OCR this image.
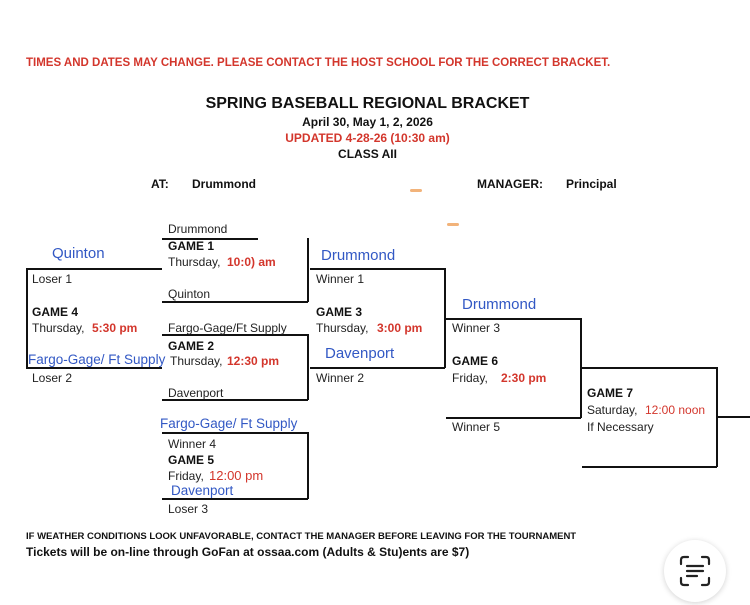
TIMES AND DATES MAY CHANGE. PLEASE CONTACT THE HOST SCHOOL FOR THE CORRECT BRACKET.
SPRING BASEBALL REGIONAL BRACKET
April 30, May 1, 2, 2026
UPDATED 4-28-26 (10:30 am)
CLASS AII
AT: Drummond	MANAGER: Principal
Drummond
GAME 1
Thursday, 10:0) am
Quinton
Fargo-Gage/Ft Supply
GAME 2
Thursday, 12:30 pm
Davenport
Winner 1
GAME 3
Thursday, 3:00 pm
Winner 2
Loser 1
GAME 4
Thursday, 5:30 pm
Loser 2
Winner 4
GAME 5
Friday, 12:00 pm
Loser 3
Winner 3
GAME 6
Friday, 2:30 pm
Winner 5
GAME 7
Saturday, 12:00 noon
If Necessary
Quinton	Drummond
Drummond
Davenport
Fargo-Gage/ Ft Supply
Fargo-Gage/ Ft Supply
Davenport
IF WEATHER CONDITIONS LOOK UNFAVORABLE, CONTACT THE MANAGER BEFORE LEAVING FOR THE TOURNAMENT
Tickets will be on-line through GoFan at ossaa.com (Adults & Stu)ents are $7)
